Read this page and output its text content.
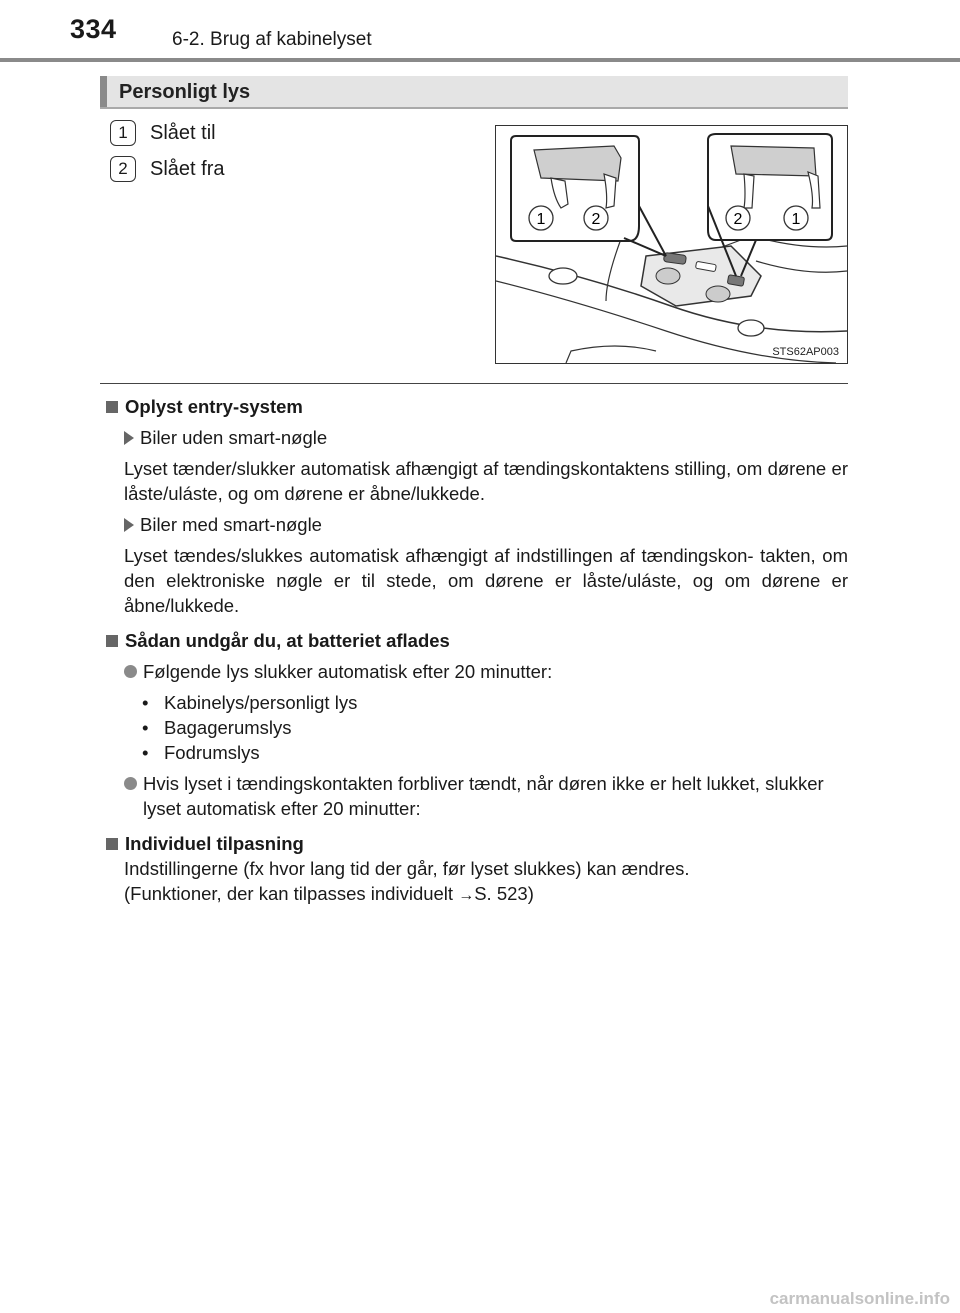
334	6-2. Brug af kabinelyset
Personligt lys
1	Slået til
2	Slået fra
1	2	2	1
STS62AP003
Oplyst entry-system
Biler uden smart-nøgle
Lyset tænder/slukker automatisk afhængigt af tændingskontaktens stilling, om dørene er låste/uláste, og om dørene er åbne/lukkede.
Biler med smart-nøgle
Lyset tændes/slukkes automatisk afhængigt af indstillingen af tændingskon- takten, om den elektroniske nøgle er til stede, om dørene er låste/uláste, og om dørene er åbne/lukkede.
Sådan undgår du, at batteriet aflades
Følgende lys slukker automatisk efter 20 minutter:
• Kabinelys/personligt lys
• Bagagerumslys
• Fodrumslys
Hvis lyset i tændingskontakten forbliver tændt, når døren ikke er helt lukket, slukker lyset automatisk efter 20 minutter:
Individuel tilpasning
Indstillingerne (fx hvor lang tid der går, før lyset slukkes) kan ændres.
(Funktioner, der kan tilpasses individuelt →S. 523)
carmanualsonline.info
